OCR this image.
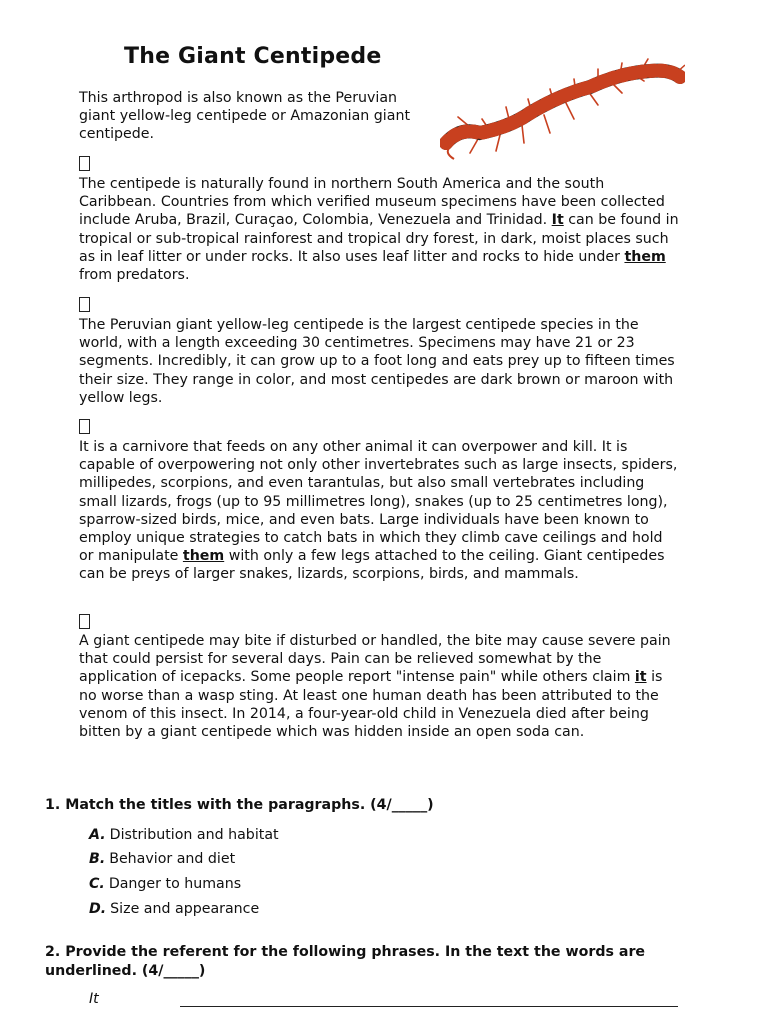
The Giant Centipede
This arthropod is also known as the Peruvian giant yellow-leg centipede or Amazonian giant centipede.
The centipede is naturally found in northern South America and the south Caribbean. Countries from which verified museum specimens have been collected include Aruba, Brazil, Curaçao, Colombia, Venezuela and Trinidad. It can be found in tropical or sub-tropical rainforest and tropical dry forest, in dark, moist places such as in leaf litter or under rocks. It also uses leaf litter and rocks to hide under them from predators.
The Peruvian giant yellow-leg centipede is the largest centipede species in the world, with a length exceeding 30 centimetres. Specimens may have 21 or 23 segments. Incredibly, it can grow up to a foot long and eats prey up to fifteen times their size. They range in color, and most centipedes are dark brown or maroon with yellow legs.
It is a carnivore that feeds on any other animal it can overpower and kill. It is capable of overpowering not only other invertebrates such as large insects, spiders, millipedes, scorpions, and even tarantulas, but also small vertebrates including small lizards, frogs (up to 95 millimetres long), snakes (up to 25 centimetres long), sparrow-sized birds, mice, and even bats. Large individuals have been known to employ unique strategies to catch bats in which they climb cave ceilings and hold or manipulate them with only a few legs attached to the ceiling. Giant centipedes can be preys of larger snakes, lizards, scorpions, birds, and mammals.
A giant centipede may bite if disturbed or handled, the bite may cause severe pain that could persist for several days. Pain can be relieved somewhat by the application of icepacks. Some people report "intense pain" while others claim it is no worse than a wasp sting. At least one human death has been attributed to the venom of this insect. In 2014, a four-year-old child in Venezuela died after being bitten by a giant centipede which was hidden inside an open soda can.
1. Match the titles with the paragraphs. (4/_____)
A. Distribution and habitat
B. Behavior and diet
C. Danger to humans
D. Size and appearance
2. Provide the referent for the following phrases. In the text the words are underlined. (4/_____)
It
